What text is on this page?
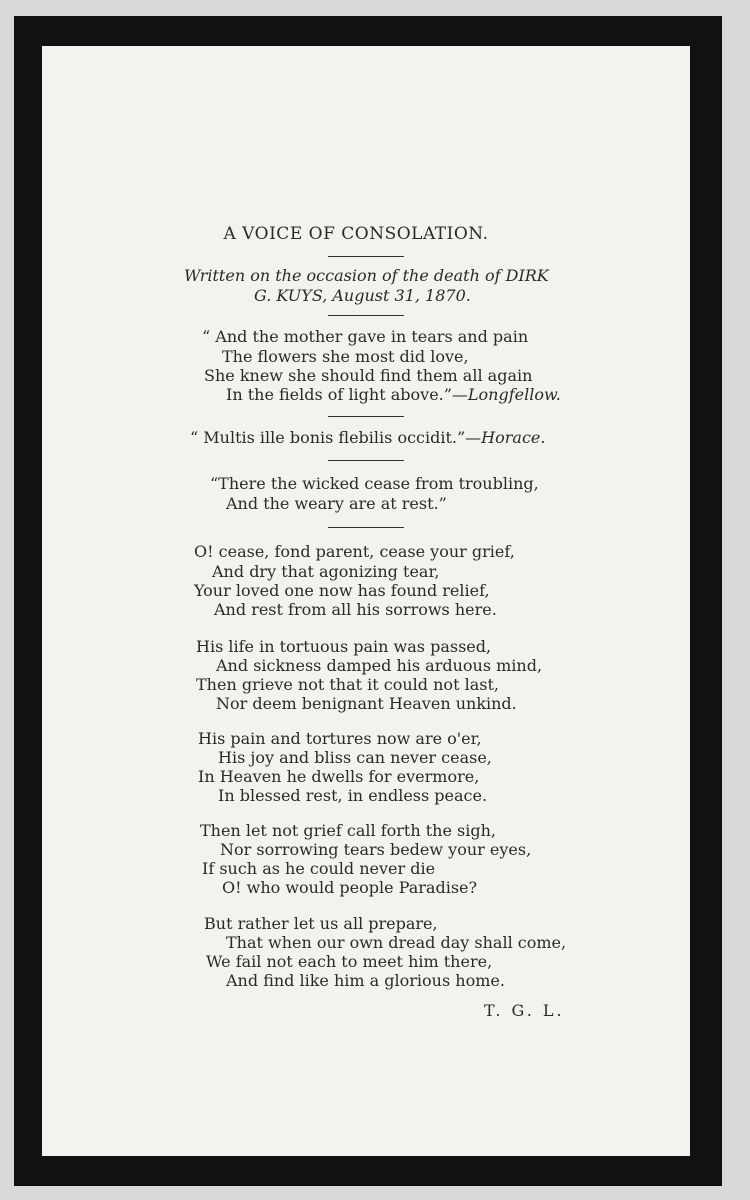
A VOICE OF CONSOLATION.
Written on the occasion of the death of DIRK
G. KUYS, August 31, 1870.
“ And the mother gave in tears and pain
The flowers she most did love,
She knew she should find them all again
In the fields of light above.”—Longfellow.
“ Multis ille bonis flebilis occidit.”—Horace.
“There the wicked cease from troubling,
And the weary are at rest.”
O! cease, fond parent, cease your grief,
And dry that agonizing tear,
Your loved one now has found relief,
And rest from all his sorrows here.
His life in tortuous pain was passed,
And sickness damped his arduous mind,
Then grieve not that it could not last,
Nor deem benignant Heaven unkind.
His pain and tortures now are o'er,
His joy and bliss can never cease,
In Heaven he dwells for evermore,
In blessed rest, in endless peace.
Then let not grief call forth the sigh,
Nor sorrowing tears bedew your eyes,
If such as he could never die
O! who would people Paradise?
But rather let us all prepare,
That when our own dread day shall come,
We fail not each to meet him there,
And find like him a glorious home.
T. G. L.
